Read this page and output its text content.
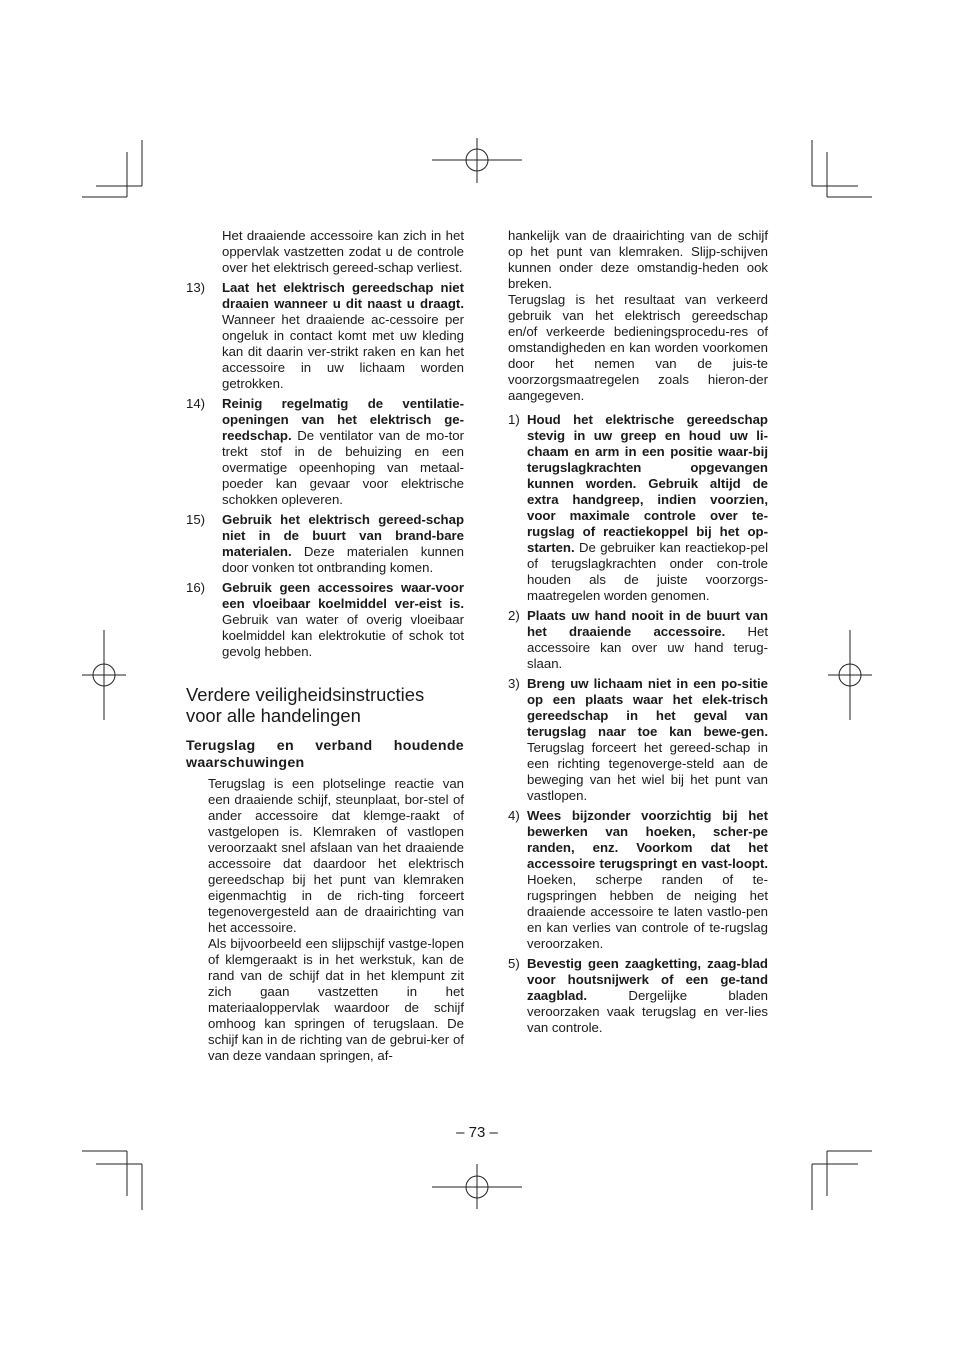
Het draaiende accessoire kan zich in het oppervlak vastzetten zodat u de controle over het elektrisch gereed-schap verliest.

13)	Laat het elektrisch gereedschap niet draaien wanneer u dit naast u draagt. Wanneer het draaiende ac-cessoire per ongeluk in contact komt met uw kleding kan dit daarin ver-strikt raken en kan het accessoire in uw lichaam worden getrokken.
14)	Reinig regelmatig de ventilatie-openingen van het elektrisch ge-reedschap. De ventilator van de mo-tor trekt stof in de behuizing en een overmatige opeenhoping van metaal-poeder kan gevaar voor elektrische schokken opleveren.
15)	Gebruik het elektrisch gereed-schap niet in de buurt van brand-bare materialen. Deze materialen kunnen door vonken tot ontbranding komen.
16)	Gebruik geen accessoires waar-voor een vloeibaar koelmiddel ver-eist is. Gebruik van water of overig vloeibaar koelmiddel kan elektrokutie of schok tot gevolg hebben.
Verdere veiligheidsinstructies voor alle handelingen
Terugslag en verband houdende waarschuwingen

Terugslag is een plotselinge reactie van een draaiende schijf, steunplaat, bor-stel of ander accessoire dat klemge-raakt of vastgelopen is. Klemraken of vastlopen veroorzaakt snel afslaan van het draaiende accessoire dat daardoor het elektrisch gereedschap bij het punt van klemraken eigenmachtig in de rich-ting forceert tegenovergesteld aan de draairichting van het accessoire.

Als bijvoorbeeld een slijpschijf vastge-lopen of klemgeraakt is in het werkstuk, kan de rand van de schijf dat in het klempunt zit zich gaan vastzetten in het materiaaloppervlak waardoor de schijf omhoog kan springen of terugslaan. De schijf kan in de richting van de gebrui-ker of van deze vandaan springen, af-

hankelijk van de draairichting van de schijf op het punt van klemraken. Slijp-schijven kunnen onder deze omstandig-heden ook breken.

Terugslag is het resultaat van verkeerd gebruik van het elektrisch gereedschap en/of verkeerde bedieningsprocedu-res of omstandigheden en kan worden voorkomen door het nemen van de juis-te voorzorgsmaatregelen zoals hieron-der aangegeven.

1) Houd het elektrische gereedschap stevig in uw greep en houd uw li-chaam en arm in een positie waar-bij terugslagkrachten opgevangen kunnen worden. Gebruik altijd de extra handgreep, indien voorzien, voor maximale controle over te-rugslag of reactiekoppel bij het op-starten. De gebruiker kan reactiekop-pel of terugslagkrachten onder con-trole houden als de juiste voorzorgs-maatregelen worden genomen.
2) Plaats uw hand nooit in de buurt van het draaiende accessoire. Het accessoire kan over uw hand terug-slaan.
3) Breng uw lichaam niet in een po-sitie op een plaats waar het elek-trisch gereedschap in het geval van terugslag naar toe kan bewe-gen. Terugslag forceert het gereed-schap in een richting tegenoverge-steld aan de beweging van het wiel bij het punt van vastlopen.
4) Wees bijzonder voorzichtig bij het bewerken van hoeken, scher-pe randen, enz. Voorkom dat het accessoire terugspringt en vast-loopt. Hoeken, scherpe randen of te-rugspringen hebben de neiging het draaiende accessoire te laten vastlo-pen en kan verlies van controle of te-rugslag veroorzaken.
5) Bevestig geen zaagketting, zaag-blad voor houtsnijwerk of een ge-tand zaagblad. Dergelijke bladen veroorzaken vaak terugslag en ver-lies van controle.
– 73 –
